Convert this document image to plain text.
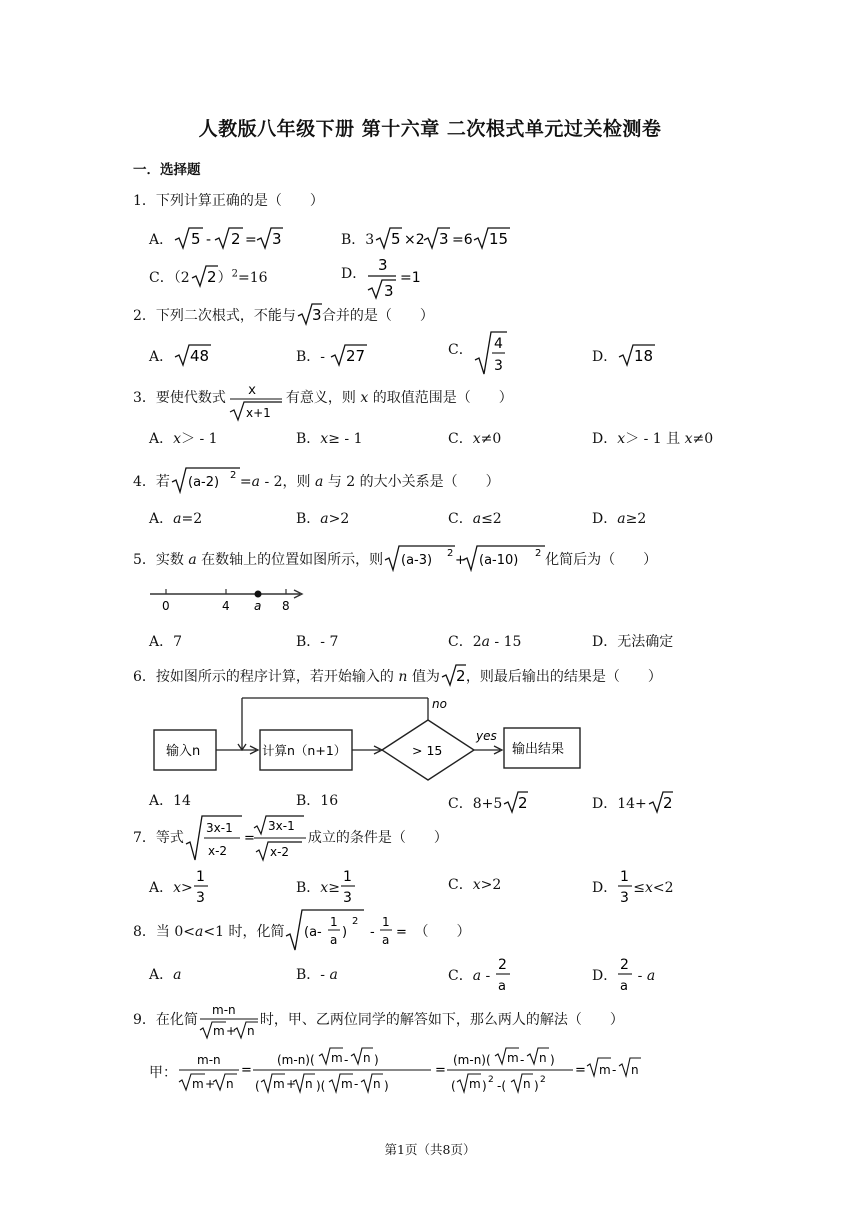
人教版八年级下册 第十六章 二次根式单元过关检测卷
一．选择题
1．下列计算正确的是（　　）
A． 5 - 2 = 3	B．3 5 ×2 3 =6 15
C．（2 2 ）$^2$=16	D． 3
3
=1
2．下列二次根式，不能与 3 合并的是（　　）
A． 48	B．- 27	C． 4
3
D． 18
3．要使代数式 x
x+1
有意义，则 x 的取值范围是（　　）
A．x＞ - 1	B．x≥ - 1	C．x≠0	D．x＞ - 1 且 x≠0
4．若 (a-2) 2 =a - 2，则 a 与 2 的大小关系是（　　）
A．a=2	B．a>2	C．a≤2	D．a≥2
5．实数 a 在数轴上的位置如图所示，则 (a-3) 2 + (a-10) 2 化简后为（　　）
0	4 a 8
A．7	B．- 7	C．2a - 15	D．无法确定
6．按如图所示的程序计算，若开始输入的 n 值为 2 ，则最后输出的结果是（　　）
输入n	计算n（n+1）	> 15
no
yes
输出结果
A．14	B．16	C．8+5 2	D．14+ 2
7．等式
3x-1
x-2
=
3x-1
x-2
成立的条件是（　　）
A．x>
1
3
B．x≥
1
3
C．x>2	D．
1
3
≤x<2
8．当 0<a<1 时，化简 (a-
1
a )
2
-
1
a = （　　）
A．a	B．- a	C．a -
2
a
D．
2
a
- a
9．在化简
m-n
m + n
时，甲、乙两位同学的解答如下，那么两人的解法（　　）
甲：
m-n
m + n
=
(m-n)( m - n )
( m + n )( m - n )
=
(m-n)( m - n )
( m ) 2 -( n ) 2
= m - n
第1页（共8页）
